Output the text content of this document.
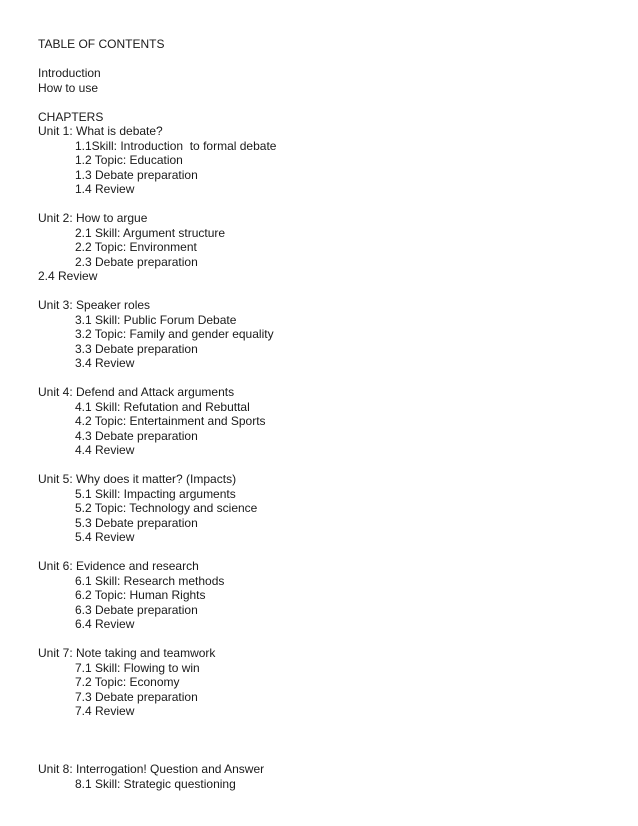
TABLE OF CONTENTS
Introduction
How to use
CHAPTERS
Unit 1: What is debate?
1.1Skill: Introduction  to formal debate
1.2 Topic: Education
1.3 Debate preparation
1.4 Review
Unit 2: How to argue
2.1 Skill: Argument structure
2.2 Topic: Environment
2.3 Debate preparation
2.4 Review
Unit 3: Speaker roles
3.1 Skill: Public Forum Debate
3.2 Topic: Family and gender equality
3.3 Debate preparation
3.4 Review
Unit 4: Defend and Attack arguments
4.1 Skill: Refutation and Rebuttal
4.2 Topic: Entertainment and Sports
4.3 Debate preparation
4.4 Review
Unit 5: Why does it matter? (Impacts)
5.1 Skill: Impacting arguments
5.2 Topic: Technology and science
5.3 Debate preparation
5.4 Review
Unit 6: Evidence and research
6.1 Skill: Research methods
6.2 Topic: Human Rights
6.3 Debate preparation
6.4 Review
Unit 7: Note taking and teamwork
7.1 Skill: Flowing to win
7.2 Topic: Economy
7.3 Debate preparation
7.4 Review
Unit 8: Interrogation! Question and Answer
8.1 Skill: Strategic questioning
